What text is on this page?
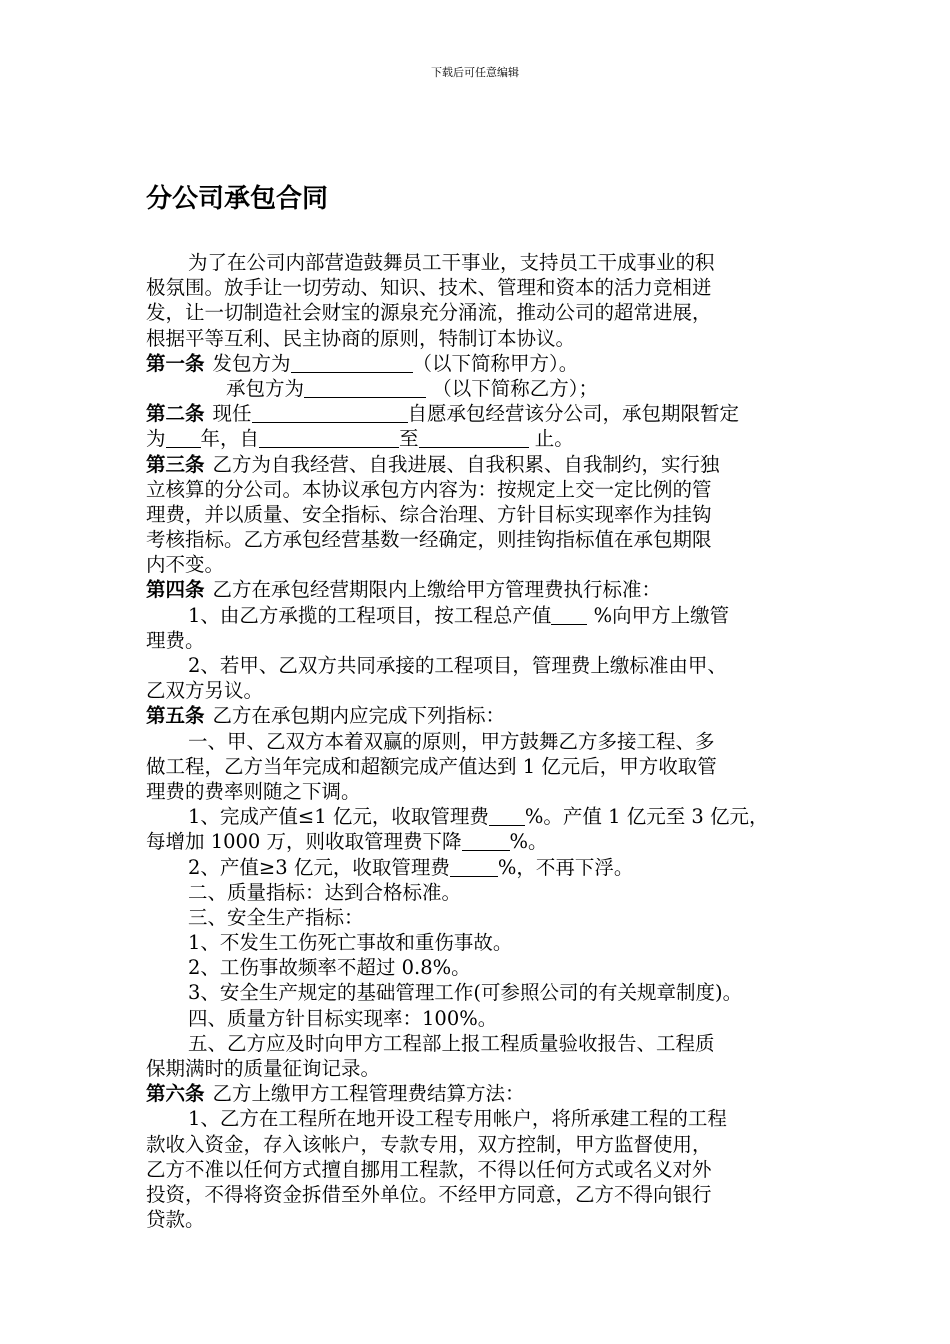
下载后可任意编辑
分公司承包合同
为了在公司内部营造鼓舞员工干事业，支持员工干成事业的积
极氛围。放手让一切劳动、知识、技术、管理和资本的活力竞相迸
发，让一切制造社会财宝的源泉充分涌流，推动公司的超常进展，
根据平等互利、民主协商的原则，特制订本协议。
第一条 发包方为	（以下简称甲方）。
承包方为	（以下简称乙方）；
第二条 现任	自愿承包经营该分公司，承包期限暂定
为 年，自	至	止。
第三条 乙方为自我经营、自我进展、自我积累、自我制约，实行独
立核算的分公司。本协议承包方内容为：按规定上交一定比例的管
理费，并以质量、安全指标、综合治理、方针目标实现率作为挂钩
考核指标。乙方承包经营基数一经确定，则挂钩指标值在承包期限
内不变。
第四条 乙方在承包经营期限内上缴给甲方管理费执行标准：
1、由乙方承揽的工程项目，按工程总产值 %向甲方上缴管
理费。
2、若甲、乙双方共同承接的工程项目，管理费上缴标准由甲、
乙双方另议。
第五条 乙方在承包期内应完成下列指标：
一、甲、乙双方本着双赢的原则，甲方鼓舞乙方多接工程、多
做工程，乙方当年完成和超额完成产值达到 1 亿元后，甲方收取管
理费的费率则随之下调。
1、完成产值≤1 亿元，收取管理费 %。产值 1 亿元至 3 亿元，
每增加 1000 万，则收取管理费下降 %。
2、产值≥3 亿元，收取管理费 %，不再下浮。
二、质量指标：达到合格标准。
三、安全生产指标：
1、不发生工伤死亡事故和重伤事故。
2、工伤事故频率不超过 0.8%。
3、安全生产规定的基础管理工作(可参照公司的有关规章制度)。
四、质量方针目标实现率：100%。
五、乙方应及时向甲方工程部上报工程质量验收报告、工程质
保期满时的质量征询记录。
第六条 乙方上缴甲方工程管理费结算方法：
1、乙方在工程所在地开设工程专用帐户，将所承建工程的工程
款收入资金，存入该帐户，专款专用，双方控制，甲方监督使用，
乙方不准以任何方式擅自挪用工程款，不得以任何方式或名义对外
投资，不得将资金拆借至外单位。不经甲方同意，乙方不得向银行
贷款。
